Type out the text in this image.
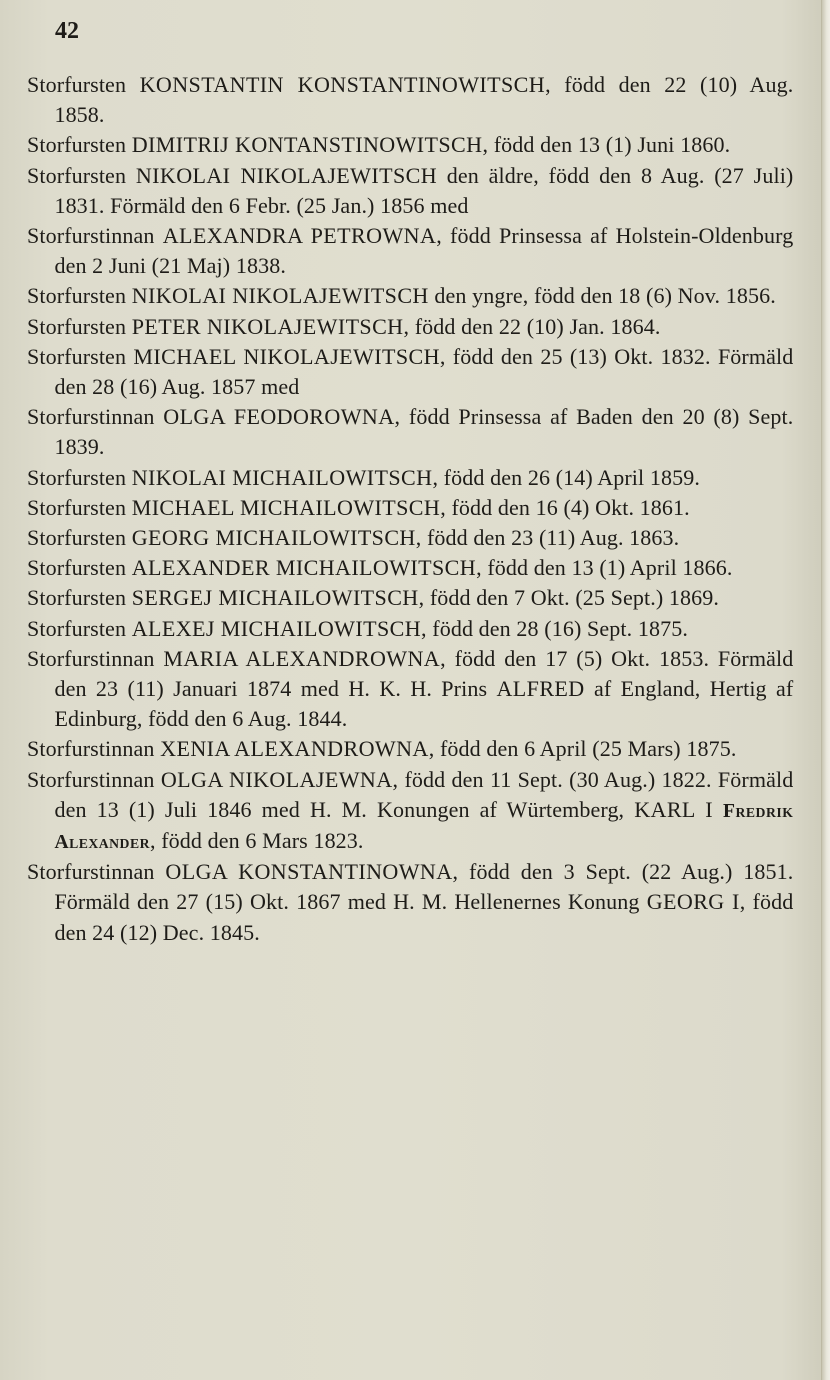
42

Storfursten KONSTANTIN KONSTANTINOWITSCH, född den 22 (10) Aug. 1858.

Storfursten DIMITRIJ KONTANSTINOWITSCH, född den 13 (1) Juni 1860.

Storfursten NIKOLAI NIKOLAJEWITSCH den äldre, född den 8 Aug. (27 Juli) 1831. Förmäld den 6 Febr. (25 Jan.) 1856 med

Storfurstinnan ALEXANDRA PETROWNA, född Prinsessa af Holstein-Oldenburg den 2 Juni (21 Maj) 1838.

Storfursten NIKOLAI NIKOLAJEWITSCH den yngre, född den 18 (6) Nov. 1856.

Storfursten PETER NIKOLAJEWITSCH, född den 22 (10) Jan. 1864.

Storfursten MICHAEL NIKOLAJEWITSCH, född den 25 (13) Okt. 1832. Förmäld den 28 (16) Aug. 1857 med

Storfurstinnan OLGA FEODOROWNA, född Prinsessa af Baden den 20 (8) Sept. 1839.

Storfursten NIKOLAI MICHAILOWITSCH, född den 26 (14) April 1859.

Storfursten MICHAEL MICHAILOWITSCH, född den 16 (4) Okt. 1861.

Storfursten GEORG MICHAILOWITSCH, född den 23 (11) Aug. 1863.

Storfursten ALEXANDER MICHAILOWITSCH, född den 13 (1) April 1866.

Storfursten SERGEJ MICHAILOWITSCH, född den 7 Okt. (25 Sept.) 1869.

Storfursten ALEXEJ MICHAILOWITSCH, född den 28 (16) Sept. 1875.

Storfurstinnan MARIA ALEXANDROWNA, född den 17 (5) Okt. 1853. Förmäld den 23 (11) Januari 1874 med H. K. H. Prins ALFRED af England, Hertig af Edinburg, född den 6 Aug. 1844.

Storfurstinnan XENIA ALEXANDROWNA, född den 6 April (25 Mars) 1875.

Storfurstinnan OLGA NIKOLAJEWNA, född den 11 Sept. (30 Aug.) 1822. Förmäld den 13 (1) Juli 1846 med H. M. Konungen af Würtemberg, KARL I Fredrik Alexander, född den 6 Mars 1823.

Storfurstinnan OLGA KONSTANTINOWNA, född den 3 Sept. (22 Aug.) 1851. Förmäld den 27 (15) Okt. 1867 med H. M. Hellenernes Konung GEORG I, född den 24 (12) Dec. 1845.
